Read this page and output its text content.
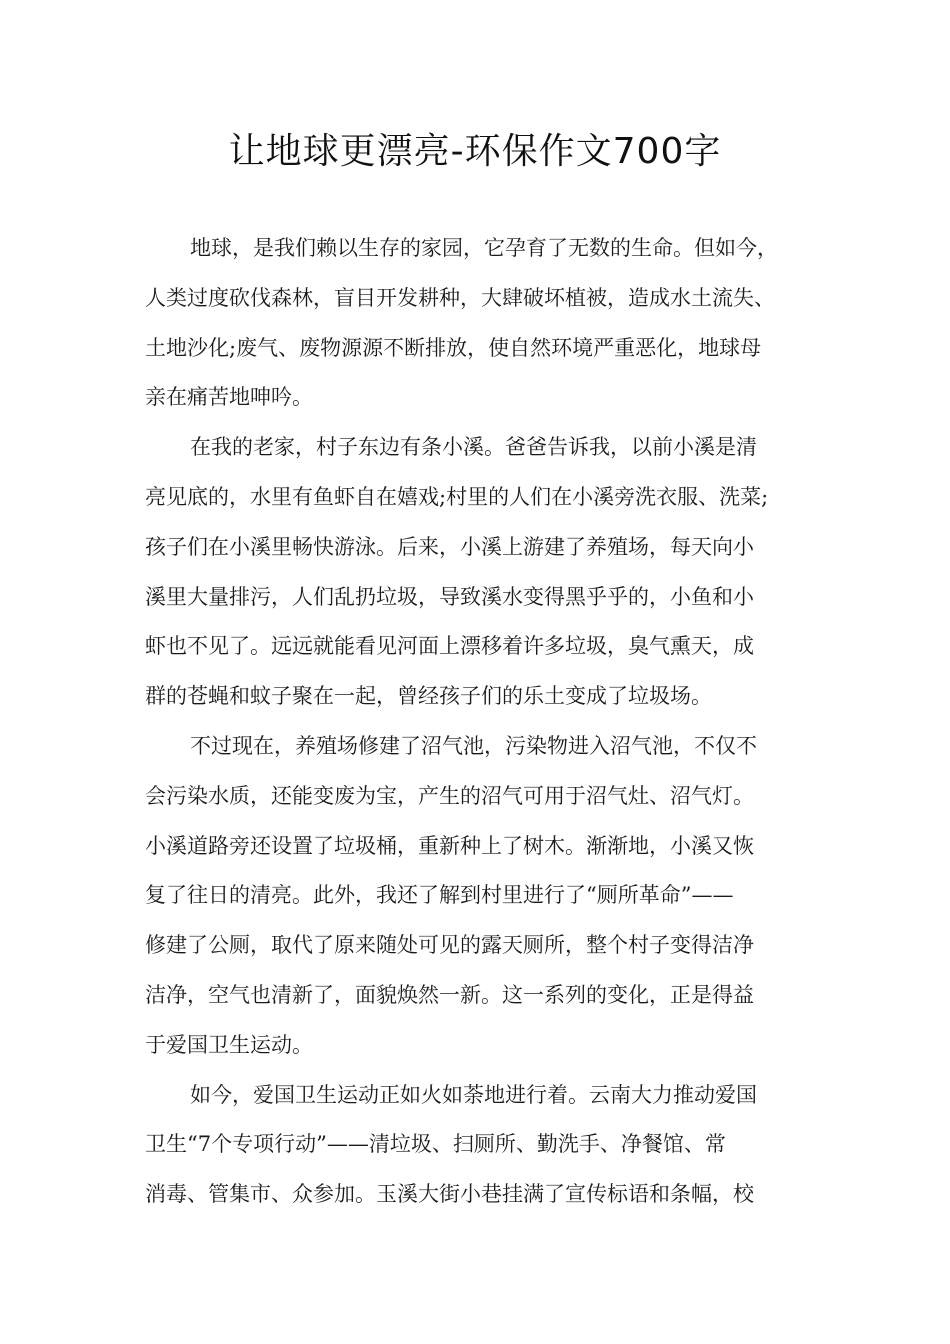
让地球更漂亮-环保作文700字
地球，是我们赖以生存的家园，它孕育了无数的生命。但如今，
人类过度砍伐森林，盲目开发耕种，大肆破坏植被，造成水土流失、
土地沙化;废气、废物源源不断排放，使自然环境严重恶化，地球母
亲在痛苦地呻吟。
在我的老家，村子东边有条小溪。爸爸告诉我，以前小溪是清
亮见底的，水里有鱼虾自在嬉戏;村里的人们在小溪旁洗衣服、洗菜;
孩子们在小溪里畅快游泳。后来，小溪上游建了养殖场，每天向小
溪里大量排污，人们乱扔垃圾，导致溪水变得黑乎乎的，小鱼和小
虾也不见了。远远就能看见河面上漂移着许多垃圾，臭气熏天，成
群的苍蝇和蚊子聚在一起，曾经孩子们的乐土变成了垃圾场。
不过现在，养殖场修建了沼气池，污染物进入沼气池，不仅不
会污染水质，还能变废为宝，产生的沼气可用于沼气灶、沼气灯。
小溪道路旁还设置了垃圾桶，重新种上了树木。渐渐地，小溪又恢
复了往日的清亮。此外，我还了解到村里进行了“厕所革命”——
修建了公厕，取代了原来随处可见的露天厕所，整个村子变得洁净
洁净，空气也清新了，面貌焕然一新。这一系列的变化，正是得益
于爱国卫生运动。
如今，爱国卫生运动正如火如荼地进行着。云南大力推动爱国
卫生“7个专项行动”——清垃圾、扫厕所、勤洗手、净餐馆、常
消毒、管集市、众参加。玉溪大街小巷挂满了宣传标语和条幅，校
